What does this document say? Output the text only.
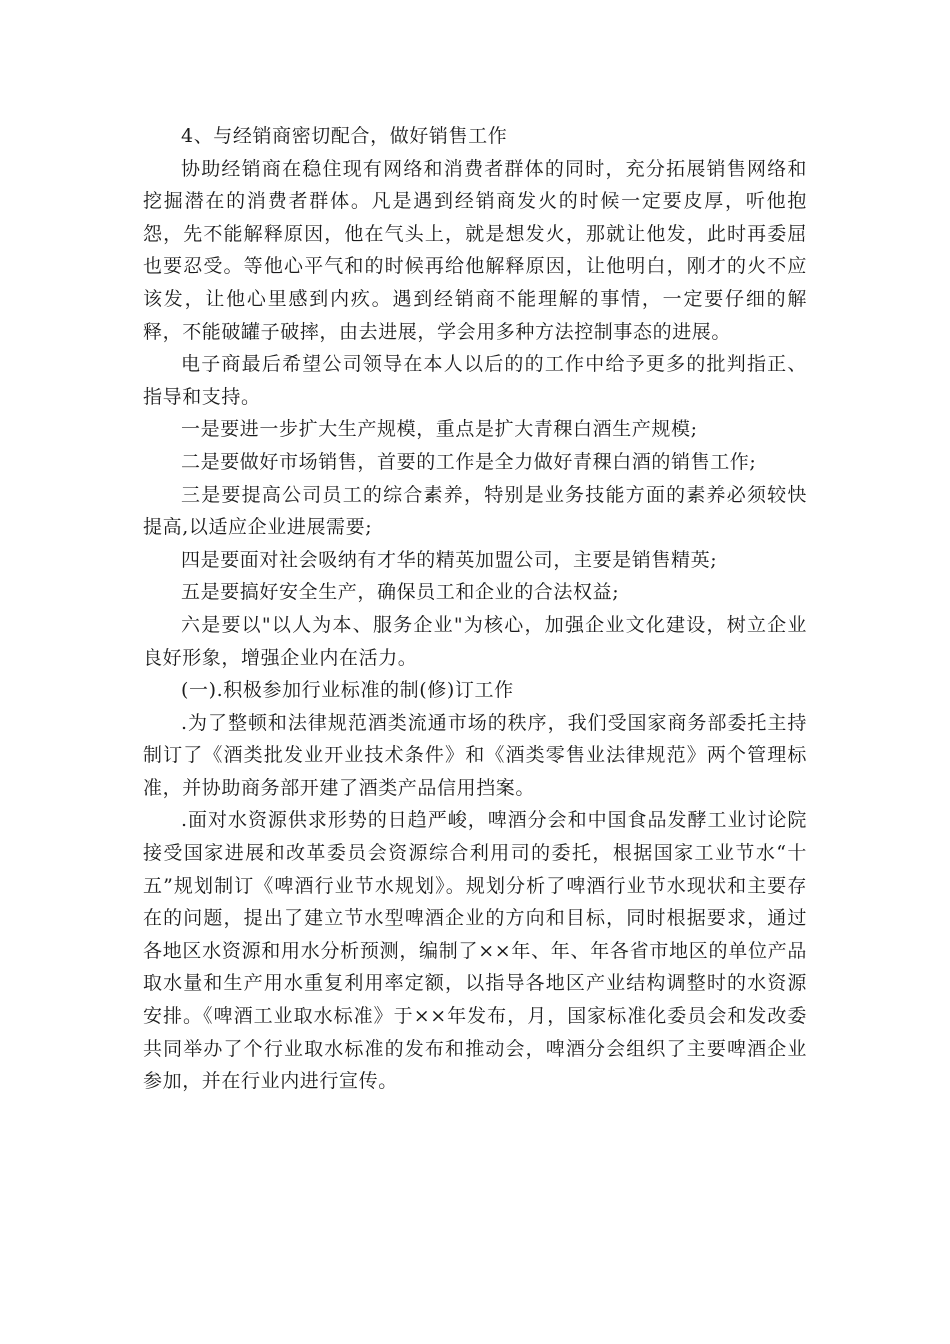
4、与经销商密切配合，做好销售工作

协助经销商在稳住现有网络和消费者群体的同时，充分拓展销售网络和挖掘潜在的消费者群体。凡是遇到经销商发火的时候一定要皮厚，听他抱怨，先不能解释原因，他在气头上，就是想发火，那就让他发，此时再委屈也要忍受。等他心平气和的时候再给他解释原因，让他明白，刚才的火不应该发，让他心里感到内疚。遇到经销商不能理解的事情，一定要仔细的解释，不能破罐子破摔，由去进展，学会用多种方法控制事态的进展。

电子商最后希望公司领导在本人以后的的工作中给予更多的批判指正、指导和支持。

一是要进一步扩大生产规模，重点是扩大青稞白酒生产规模;

二是要做好市场销售，首要的工作是全力做好青稞白酒的销售工作;

三是要提高公司员工的综合素养，特别是业务技能方面的素养必须较快提高,以适应企业进展需要;

四是要面对社会吸纳有才华的精英加盟公司，主要是销售精英;

五是要搞好安全生产，确保员工和企业的合法权益;

六是要以"以人为本、服务企业"为核心，加强企业文化建设，树立企业良好形象，增强企业内在活力。

(一).积极参加行业标准的制(修)订工作

.为了整顿和法律规范酒类流通市场的秩序，我们受国家商务部委托主持制订了《酒类批发业开业技术条件》和《酒类零售业法律规范》两个管理标准，并协助商务部开建了酒类产品信用挡案。

.面对水资源供求形势的日趋严峻，啤酒分会和中国食品发酵工业讨论院接受国家进展和改革委员会资源综合利用司的委托，根据国家工业节水“十五”规划制订《啤酒行业节水规划》。规划分析了啤酒行业节水现状和主要存在的问题，提出了建立节水型啤酒企业的方向和目标，同时根据要求，通过各地区水资源和用水分析预测，编制了××年、年、年各省市地区的单位产品取水量和生产用水重复利用率定额，以指导各地区产业结构调整时的水资源安排。《啤酒工业取水标准》于××年发布，月，国家标准化委员会和发改委共同举办了个行业取水标准的发布和推动会，啤酒分会组织了主要啤酒企业参加，并在行业内进行宣传。
